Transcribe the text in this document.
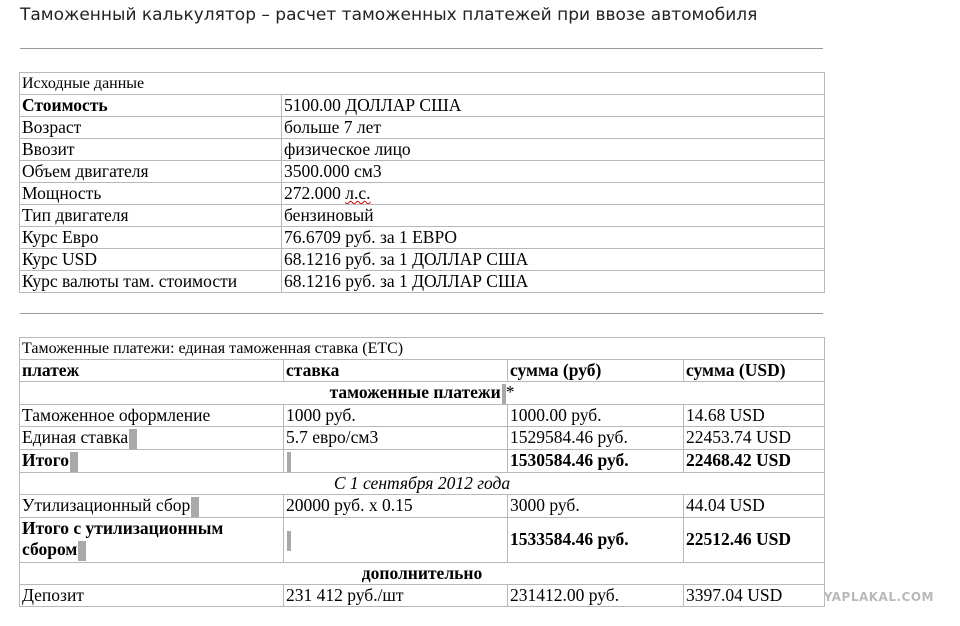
Таможенный калькулятор – расчет таможенных платежей при ввозе автомобиля
Исходные данные	
Стоимость	5100.00 ДОЛЛАР США
Возраст	больше 7 лет
Ввозит	физическое лицо
Объем двигателя	3500.000 см3
Мощность	272.000 л.с.
Тип двигателя	бензиновый
Курс Евро	76.6709 руб. за 1 ЕВРО
Курс USD	68.1216 руб. за 1 ДОЛЛАР США
Курс валюты там. стоимости	68.1216 руб. за 1 ДОЛЛАР США
Таможенные платежи: единая таможенная ставка (ЕТС)			
платеж	ставка	сумма (руб)	сумма (USD)
таможенные платежи *			
Таможенное оформление	1000 руб.	1000.00 руб.	14.68 USD
Единая ставка	5.7 евро/см3	1529584.46 руб.	22453.74 USD
Итого		1530584.46 руб.	22468.42 USD
С 1 сентября 2012 года			
Утилизационный сбор	20000 руб. x 0.15	3000 руб.	44.04 USD
Итого с утилизационным
сбором		1533584.46 руб.	22512.46 USD
дополнительно			
Депозит	231 412 руб./шт	231412.00 руб.	3397.04 USD	YAPLAKAL.COM
